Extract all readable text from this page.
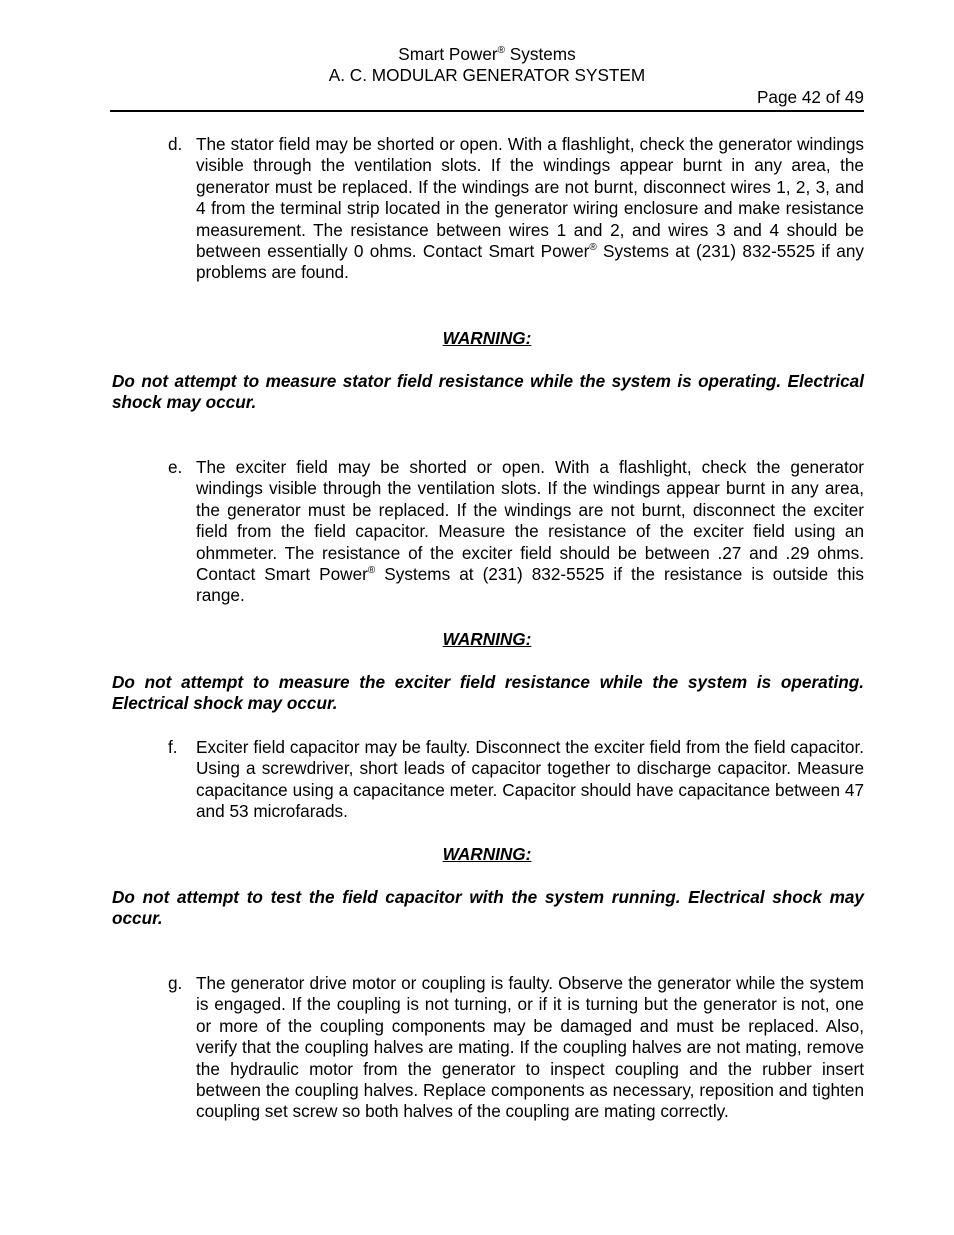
Smart Power® Systems
A. C. MODULAR GENERATOR SYSTEM
Page 42 of 49
d. The stator field may be shorted or open. With a flashlight, check the generator windings visible through the ventilation slots. If the windings appear burnt in any area, the generator must be replaced. If the windings are not burnt, disconnect wires 1, 2, 3, and 4 from the terminal strip located in the generator wiring enclosure and make resistance measurement. The resistance between wires 1 and 2, and wires 3 and 4 should be between essentially 0 ohms. Contact Smart Power® Systems at (231) 832-5525 if any problems are found.
WARNING:
Do not attempt to measure stator field resistance while the system is operating. Electrical shock may occur.
e. The exciter field may be shorted or open. With a flashlight, check the generator windings visible through the ventilation slots. If the windings appear burnt in any area, the generator must be replaced. If the windings are not burnt, disconnect the exciter field from the field capacitor. Measure the resistance of the exciter field using an ohmmeter. The resistance of the exciter field should be between .27 and .29 ohms. Contact Smart Power® Systems at (231) 832-5525 if the resistance is outside this range.
WARNING:
Do not attempt to measure the exciter field resistance while the system is operating. Electrical shock may occur.
f. Exciter field capacitor may be faulty. Disconnect the exciter field from the field capacitor. Using a screwdriver, short leads of capacitor together to discharge capacitor. Measure capacitance using a capacitance meter. Capacitor should have capacitance between 47 and 53 microfarads.
WARNING:
Do not attempt to test the field capacitor with the system running. Electrical shock may occur.
g. The generator drive motor or coupling is faulty. Observe the generator while the system is engaged. If the coupling is not turning, or if it is turning but the generator is not, one or more of the coupling components may be damaged and must be replaced. Also, verify that the coupling halves are mating. If the coupling halves are not mating, remove the hydraulic motor from the generator to inspect coupling and the rubber insert between the coupling halves. Replace components as necessary, reposition and tighten coupling set screw so both halves of the coupling are mating correctly.
